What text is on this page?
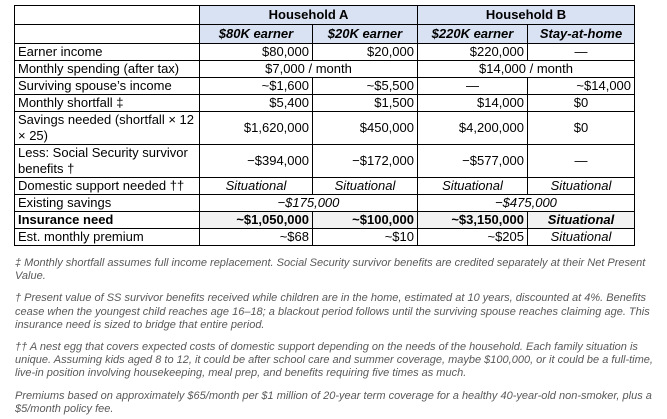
	Household A		Household B	
	$80K earner	$20K earner	$220K earner	Stay-at-home
Earner income	$80,000	$20,000	$220,000	—
Monthly spending (after tax)	$7,000 / month		$14,000 / month	
Surviving spouse’s income	~$1,600	~$5,500	—	~$14,000
Monthly shortfall ‡	$5,400	$1,500	$14,000	$0
Savings needed (shortfall × 12 × 25)	$1,620,000	$450,000	$4,200,000	$0
Less: Social Security survivor benefits †	−$394,000	−$172,000	−$577,000	—
Domestic support needed ††	Situational	Situational	Situational	Situational
Existing savings	−$175,000		−$475,000	
Insurance need	~$1,050,000	~$100,000	~$3,150,000	Situational
Est. monthly premium	~$68	~$10	~$205	Situational

‡ Monthly shortfall assumes full income replacement. Social Security survivor benefits are credited separately at their Net Present Value.

† Present value of SS survivor benefits received while children are in the home, estimated at 10 years, discounted at 4%. Benefits cease when the youngest child reaches age 16–18; a blackout period follows until the surviving spouse reaches claiming age. This insurance need is sized to bridge that entire period.

†† A nest egg that covers expected costs of domestic support depending on the needs of the household. Each family situation is unique. Assuming kids aged 8 to 12, it could be after school care and summer coverage, maybe $100,000, or it could be a full-time, live-in position involving housekeeping, meal prep, and benefits requiring five times as much.

Premiums based on approximately $65/month per $1 million of 20-year term coverage for a healthy 40-year-old non-smoker, plus a $5/month policy fee.
